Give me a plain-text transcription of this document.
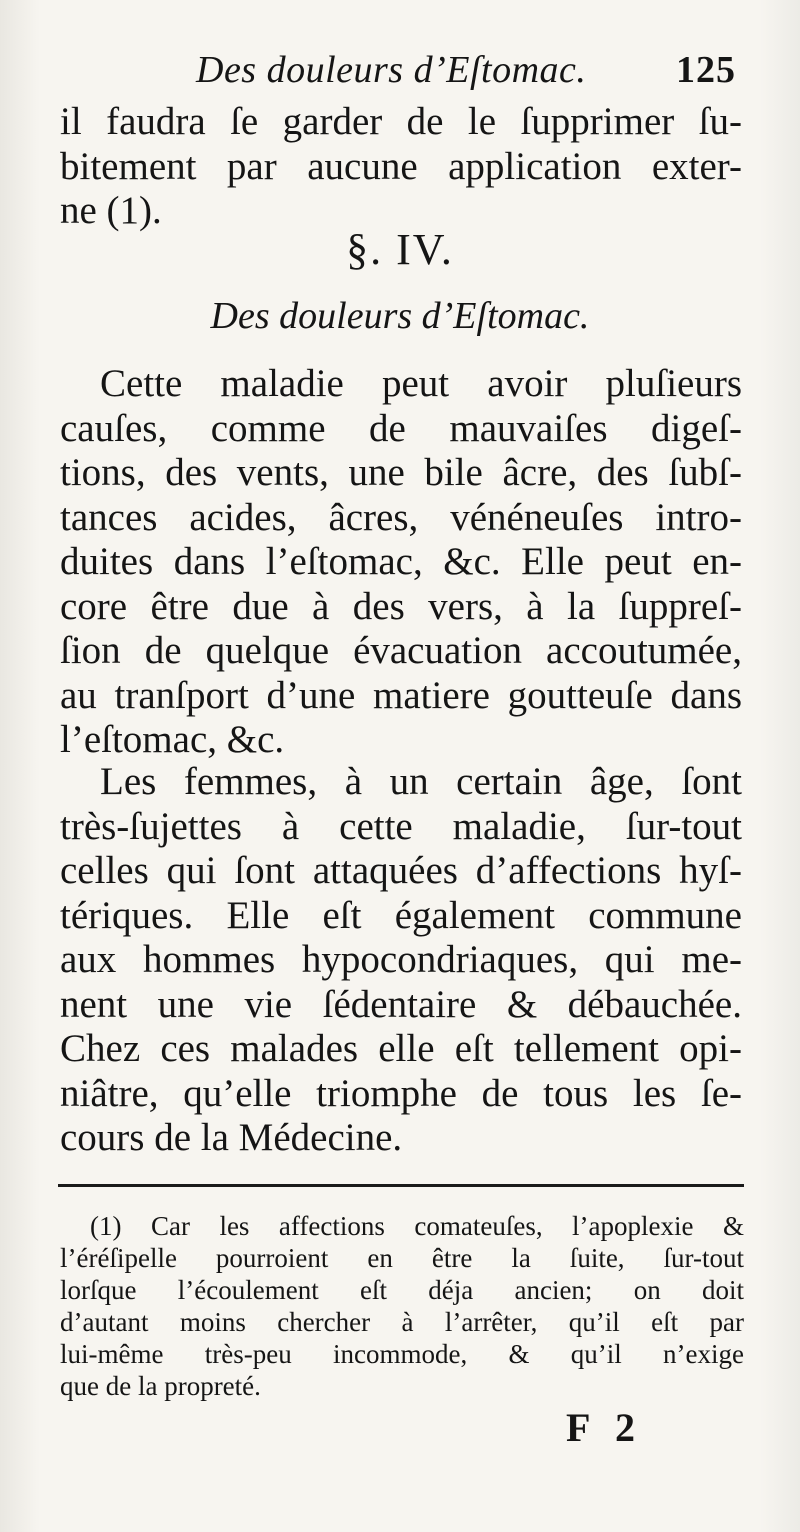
Des douleurs d’Eſtomac. 125
il faudra ſe garder de le ſupprimer ſu-
bitement par aucune application exter-
ne (1).
§. IV.
Des douleurs d’Eſtomac.
Cette maladie peut avoir pluſieurs
cauſes, comme de mauvaiſes digeſ-
tions, des vents, une bile âcre, des ſubſ-
tances acides, âcres, vénéneuſes intro-
duites dans l’eſtomac, &c. Elle peut en-
core être due à des vers, à la ſuppreſ-
ſion de quelque évacuation accoutumée,
au tranſport d’une matiere goutteuſe dans
l’eſtomac, &c.
Les femmes, à un certain âge, ſont
très-ſujettes à cette maladie, ſur-tout
celles qui ſont attaquées d’affections hyſ-
tériques. Elle eſt également commune
aux hommes hypocondriaques, qui me-
nent une vie ſédentaire & débauchée.
Chez ces malades elle eſt tellement opi-
niâtre, qu’elle triomphe de tous les ſe-
cours de la Médecine.
(1) Car les affections comateuſes, l’apoplexie &
l’éréſipelle pourroient en être la ſuite, ſur-tout
lorſque l’écoulement eſt déja ancien; on doit
d’autant moins chercher à l’arrêter, qu’il eſt par
lui-même très-peu incommode, & qu’il n’exige
que de la propreté.
F 2
